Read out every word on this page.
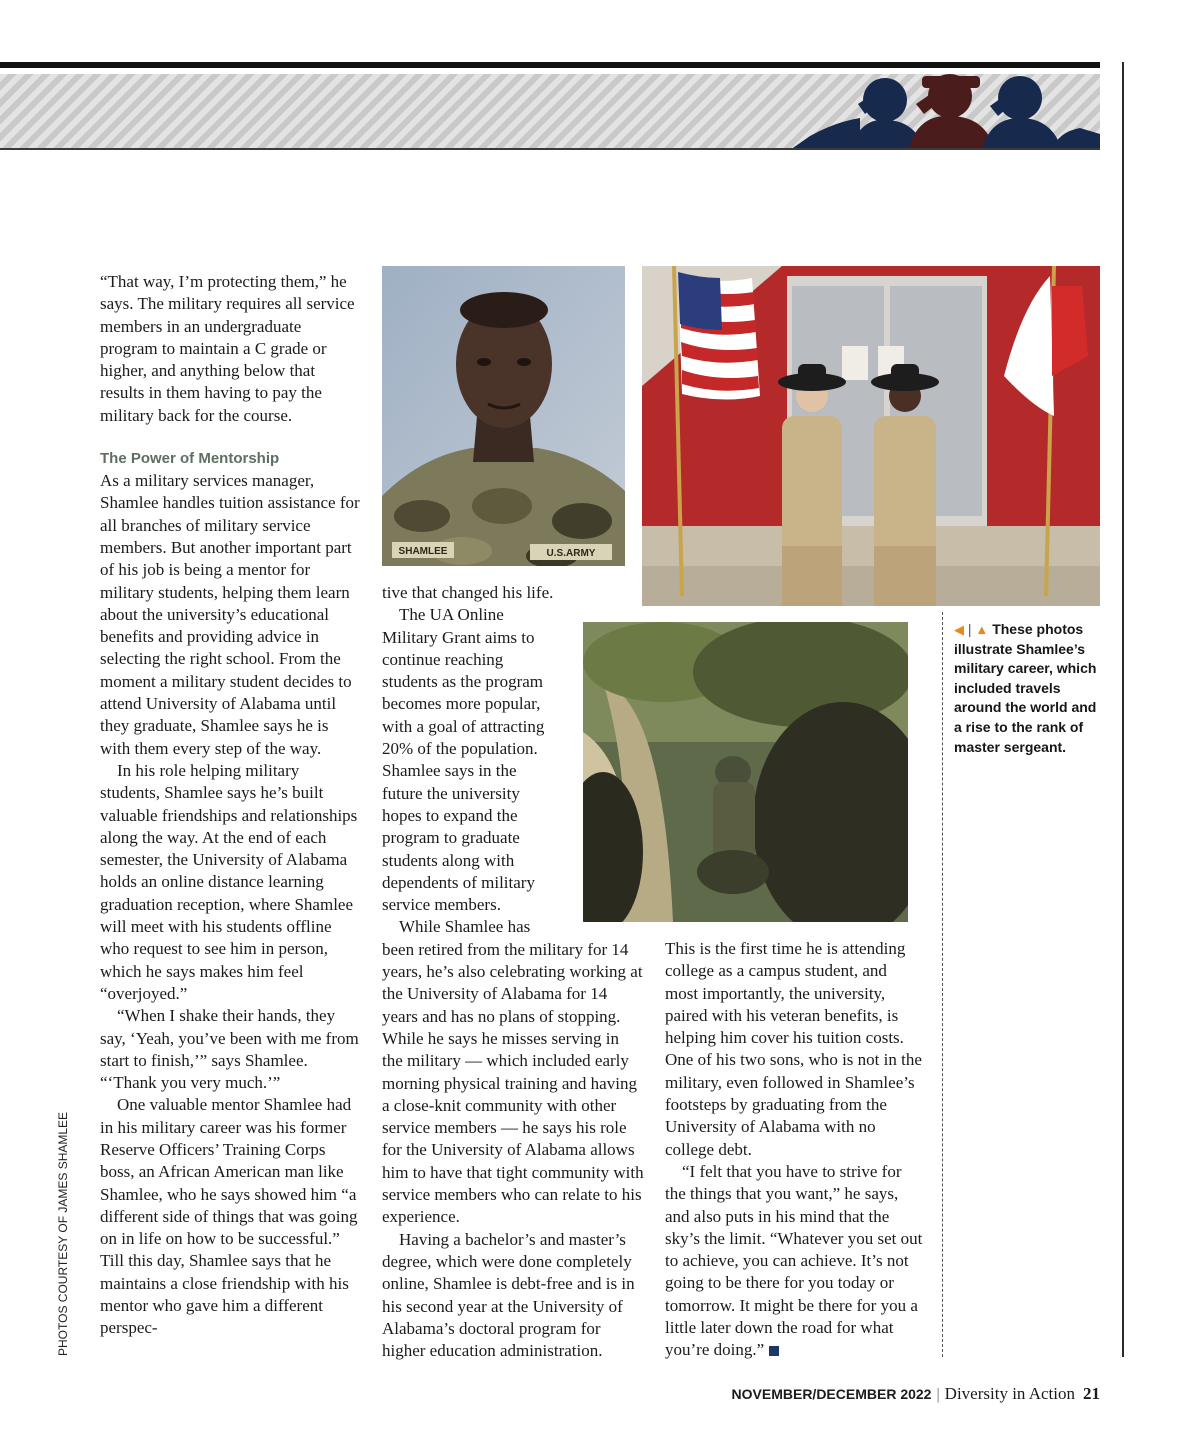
“That way, I’m protecting them,” he says. The military requires all service members in an undergraduate program to maintain a C grade or higher, and anything below that results in them having to pay the military back for the course.

The Power of Mentorship

As a military services manager, Shamlee handles tuition assistance for all branches of military service members. But another important part of his job is being a mentor for military students, helping them learn about the university’s educational benefits and providing advice in selecting the right school. From the moment a military student decides to attend University of Alabama until they graduate, Shamlee says he is with them every step of the way.

In his role helping military students, Shamlee says he’s built valuable friendships and relationships along the way. At the end of each semester, the University of Alabama holds an online distance learning graduation reception, where Shamlee will meet with his students offline who request to see him in person, which he says makes him feel “overjoyed.”

“When I shake their hands, they say, ‘Yeah, you’ve been with me from start to finish,’” says Shamlee. “‘Thank you very much.’”

One valuable mentor Shamlee had in his military career was his former Reserve Officers’ Training Corps boss, an African American man like Shamlee, who he says showed him “a different side of things that was going on in life on how to be successful.” Till this day, Shamlee says that he maintains a close friendship with his mentor who gave him a different perspec-

tive that changed his life.

The UA Online Military Grant aims to continue reaching students as the program becomes more popular, with a goal of attracting 20% of the population. Shamlee says in the future the university hopes to expand the program to graduate students along with dependents of military service members.

While Shamlee has been retired from the military for 14 years, he’s also celebrating working at the University of Alabama for 14 years and has no plans of stopping. While he says he misses serving in the military — which included early morning physical training and having a close-knit community with other service members — he says his role for the University of Alabama allows him to have that tight community with service members who can relate to his experience.

Having a bachelor’s and master’s degree, which were done completely online, Shamlee is debt-free and is in his second year at the University of Alabama’s doctoral program for higher education administration.

This is the first time he is attending college as a campus student, and most importantly, the university, paired with his veteran benefits, is helping him cover his tuition costs. One of his two sons, who is not in the military, even followed in Shamlee’s footsteps by graduating from the University of Alabama with no college debt.

“I felt that you have to strive for the things that you want,” he says, and also puts in his mind that the sky’s the limit. “Whatever you set out to achieve, you can achieve. It’s not going to be there for you today or tomorrow. It might be there for you a little later down the road for what you’re doing.”

SHAMLEE	U.S.ARMY
◀ | ▲ These photos illustrate Shamlee’s military career, which included travels around the world and a rise to the rank of master sergeant.
PHOTOS COURTESY OF JAMES SHAMLEE
NOVEMBER/DECEMBER 2022 | Diversity in Action 21
